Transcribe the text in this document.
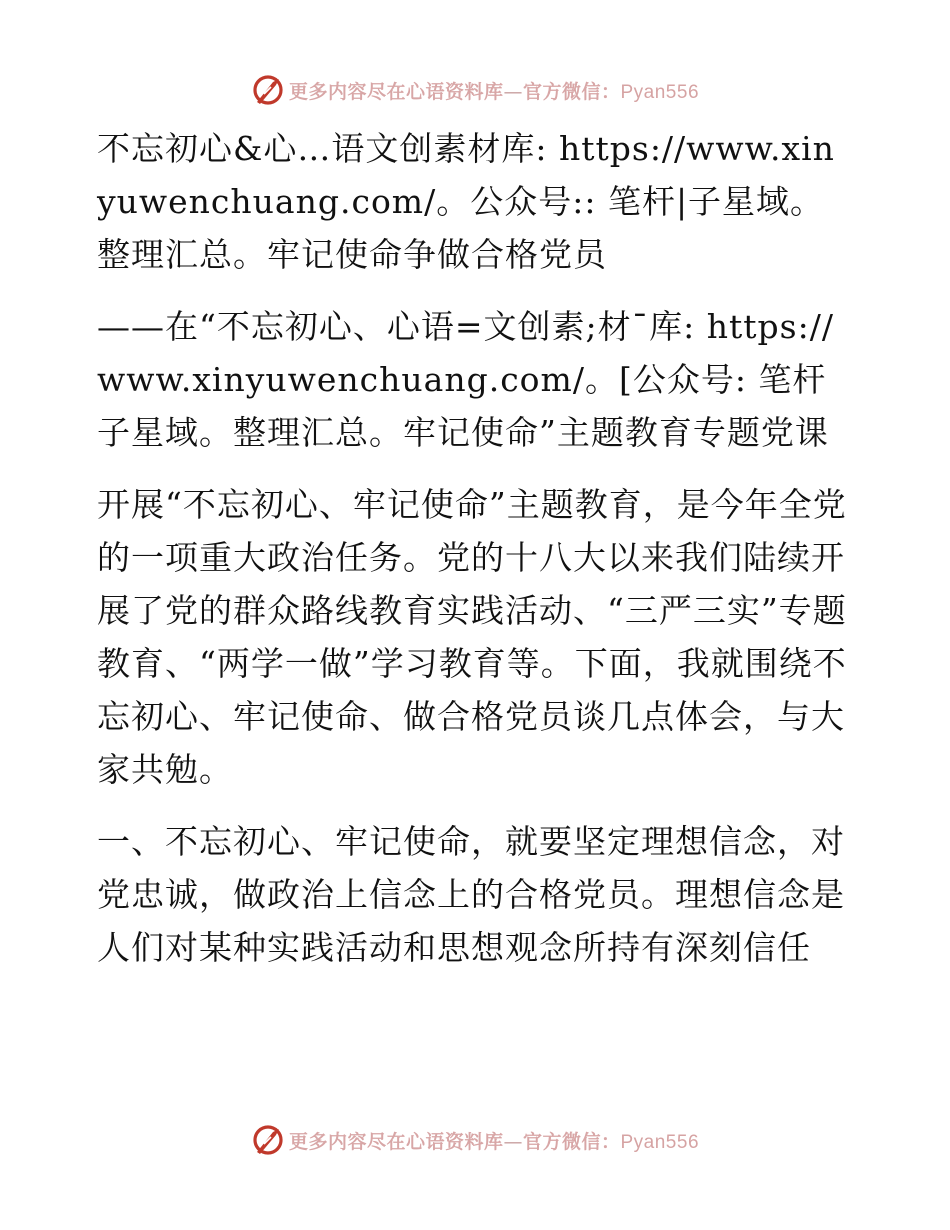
更多内容尽在心语资料库—官方微信：Pyan556

不忘初心&心…语文创素材库: https://www.xinyuwenchuang.com/。公众号:: 笔杆|子星域。整理汇总。牢记使命争做合格党员

——在“不忘初心、心语=文创素;材¯库: https://www.xinyuwenchuang.com/。[公众号: 笔杆子星域。整理汇总。牢记使命”主题教育专题党课

开展“不忘初心、牢记使命”主题教育，是今年全党的一项重大政治任务。党的十八大以来我们陆续开展了党的群众路线教育实践活动、“三严三实”专题教育、“两学一做”学习教育等。下面，我就围绕不忘初心、牢记使命、做合格党员谈几点体会，与大家共勉。

一、不忘初心、牢记使命，就要坚定理想信念，对党忠诚，做政治上信念上的合格党员。理想信念是人们对某种实践活动和思想观念所持有深刻信任

更多内容尽在心语资料库—官方微信：Pyan556
